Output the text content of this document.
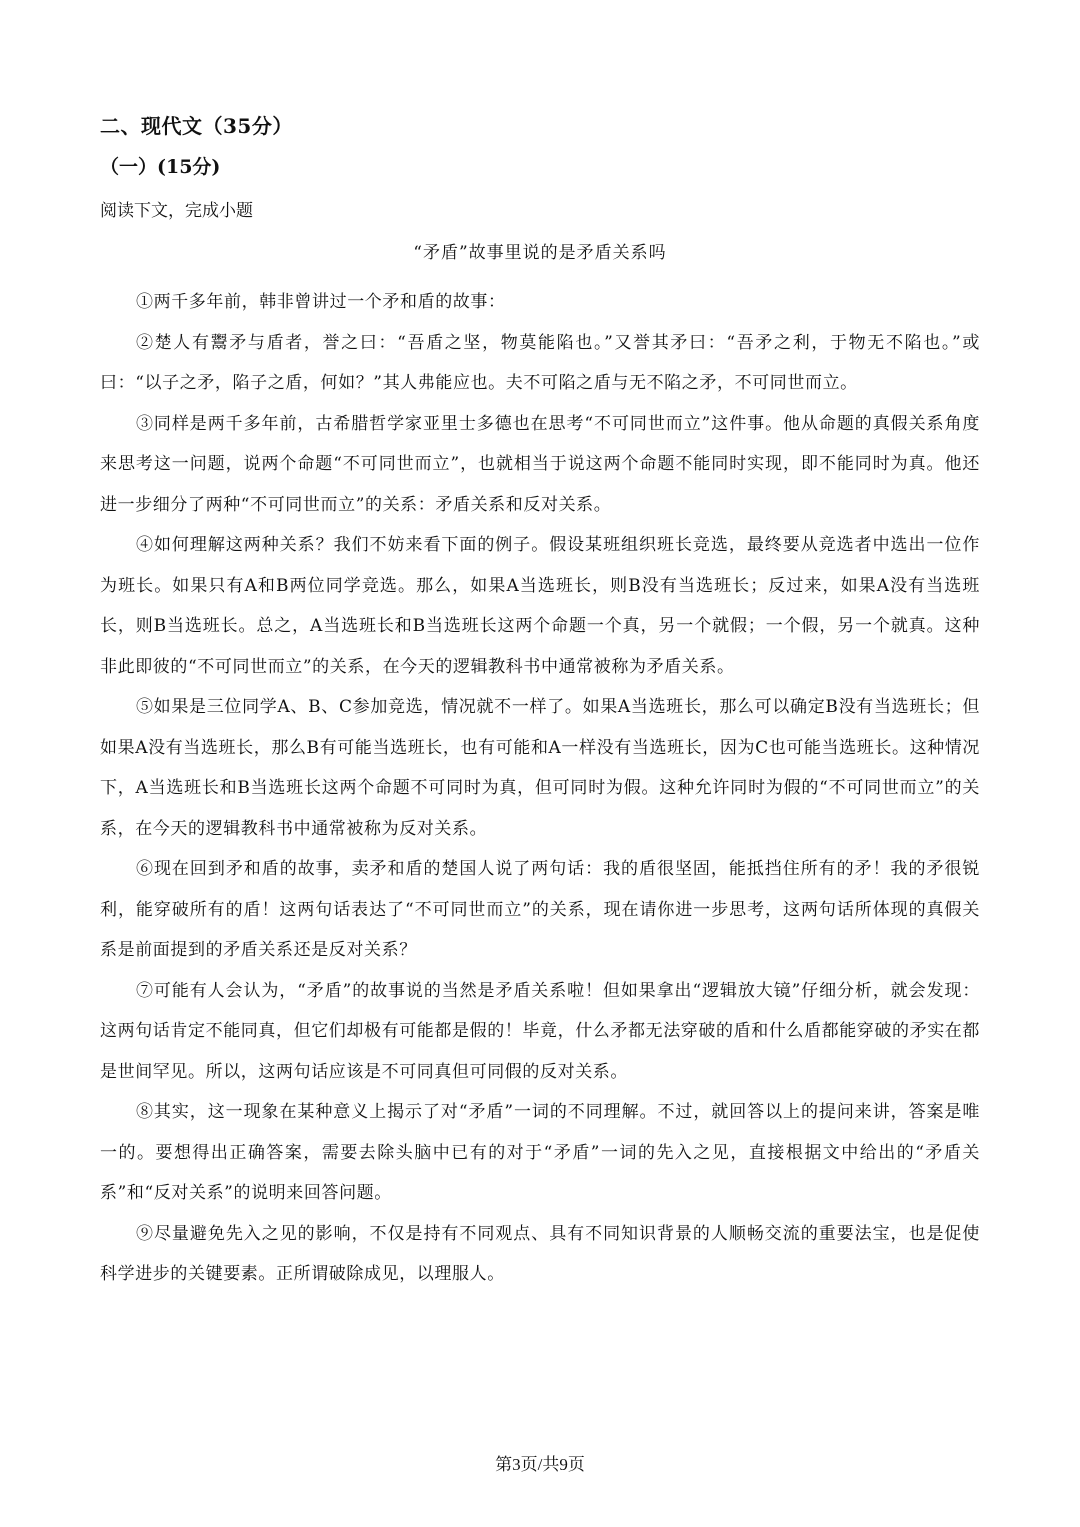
二、现代文（35分）
（一）(15分)
阅读下文，完成小题
“矛盾”故事里说的是矛盾关系吗

①两千多年前，韩非曾讲过一个矛和盾的故事：

②楚人有鬻矛与盾者，誉之曰：“吾盾之坚，物莫能陷也。”又誉其矛曰：“吾矛之利，于物无不陷也。”或曰：“以子之矛，陷子之盾，何如？”其人弗能应也。夫不可陷之盾与无不陷之矛，不可同世而立。

③同样是两千多年前，古希腊哲学家亚里士多德也在思考“不可同世而立”这件事。他从命题的真假关系角度来思考这一问题，说两个命题“不可同世而立”，也就相当于说这两个命题不能同时实现，即不能同时为真。他还进一步细分了两种“不可同世而立”的关系：矛盾关系和反对关系。

④如何理解这两种关系？我们不妨来看下面的例子。假设某班组织班长竞选，最终要从竞选者中选出一位作为班长。如果只有A和B两位同学竞选。那么，如果A当选班长，则B没有当选班长；反过来，如果A没有当选班长，则B当选班长。总之，A当选班长和B当选班长这两个命题一个真，另一个就假；一个假，另一个就真。这种非此即彼的“不可同世而立”的关系，在今天的逻辑教科书中通常被称为矛盾关系。

⑤如果是三位同学A、B、C参加竞选，情况就不一样了。如果A当选班长，那么可以确定B没有当选班长；但如果A没有当选班长，那么B有可能当选班长，也有可能和A一样没有当选班长，因为C也可能当选班长。这种情况下，A当选班长和B当选班长这两个命题不可同时为真，但可同时为假。这种允许同时为假的“不可同世而立”的关系，在今天的逻辑教科书中通常被称为反对关系。

⑥现在回到矛和盾的故事，卖矛和盾的楚国人说了两句话：我的盾很坚固，能抵挡住所有的矛！我的矛很锐利，能穿破所有的盾！这两句话表达了“不可同世而立”的关系，现在请你进一步思考，这两句话所体现的真假关系是前面提到的矛盾关系还是反对关系？

⑦可能有人会认为，“矛盾”的故事说的当然是矛盾关系啦！但如果拿出“逻辑放大镜”仔细分析，就会发现：这两句话肯定不能同真，但它们却极有可能都是假的！毕竟，什么矛都无法穿破的盾和什么盾都能穿破的矛实在都是世间罕见。所以，这两句话应该是不可同真但可同假的反对关系。

⑧其实，这一现象在某种意义上揭示了对“矛盾”一词的不同理解。不过，就回答以上的提问来讲，答案是唯一的。要想得出正确答案，需要去除头脑中已有的对于“矛盾”一词的先入之见，直接根据文中给出的“矛盾关系”和“反对关系”的说明来回答问题。

⑨尽量避免先入之见的影响，不仅是持有不同观点、具有不同知识背景的人顺畅交流的重要法宝，也是促使科学进步的关键要素。正所谓破除成见，以理服人。

第3页/共9页
